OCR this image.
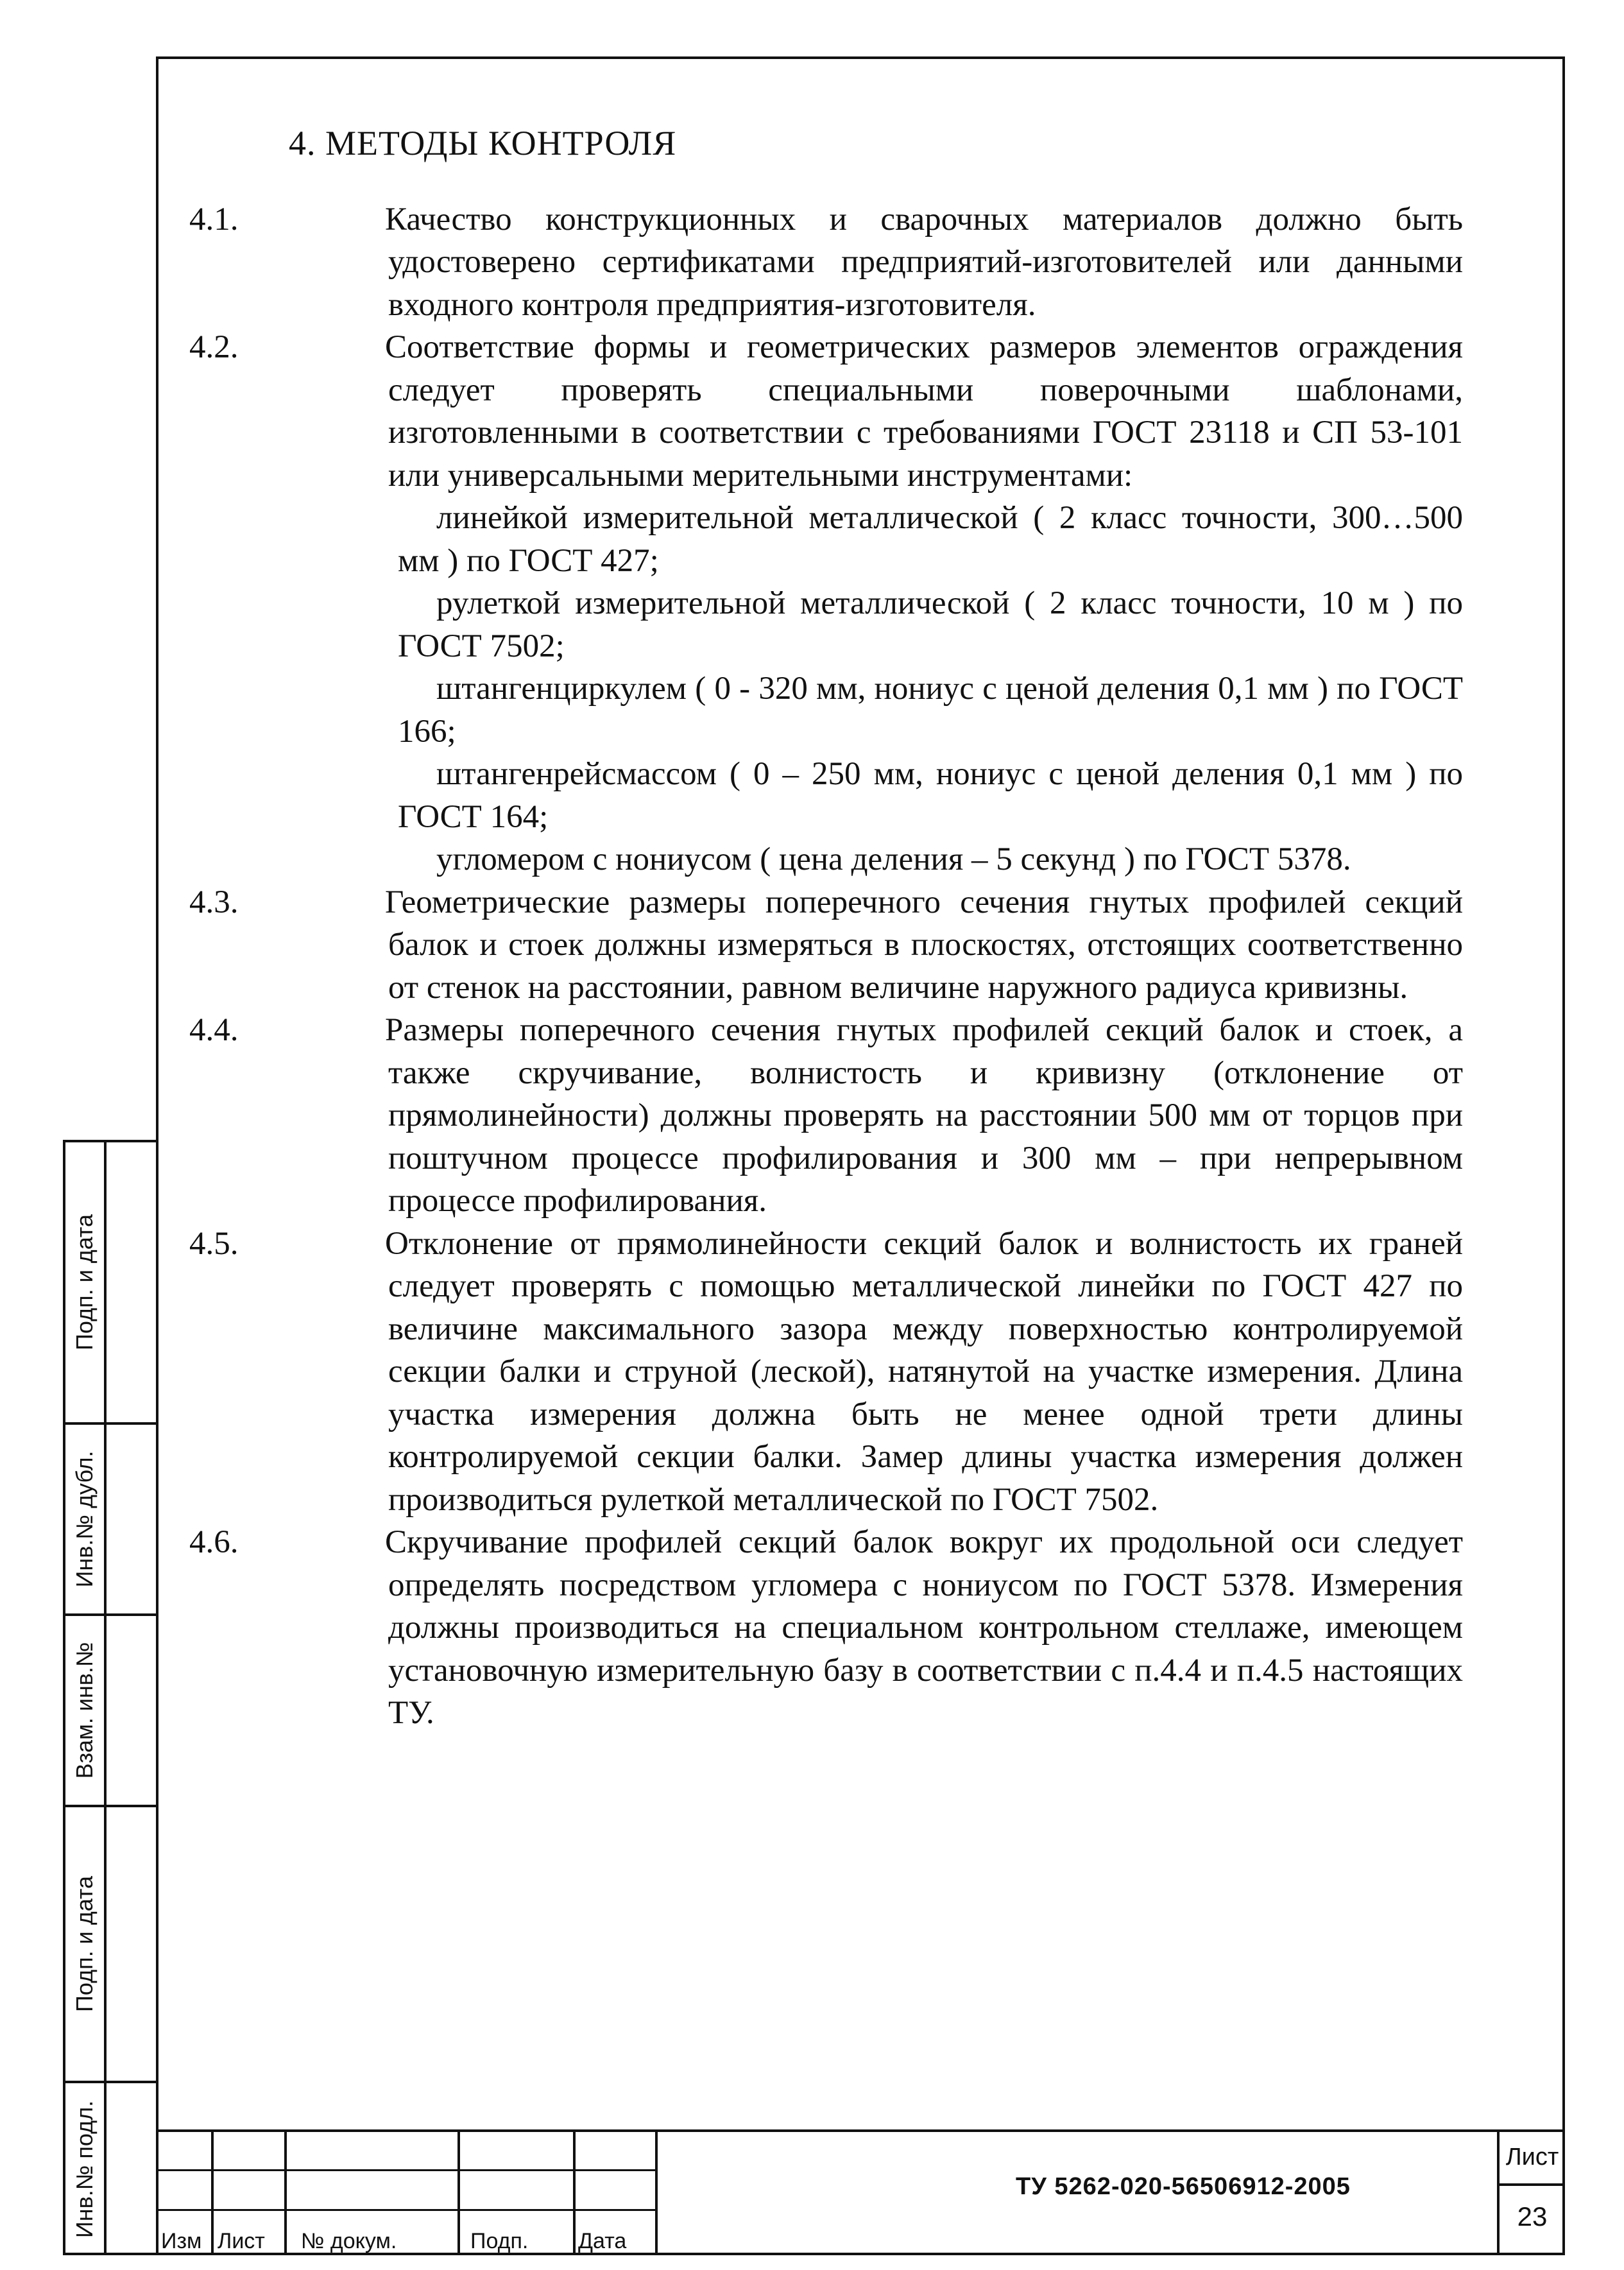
Подп. и дата
Инв.№ дубл.
Взам. инв.№
Подп. и дата
Инв.№ подл.
4. МЕТОДЫ КОНТРОЛЯ

4.1.	Качество конструкционных и сварочных материалов должно быть удостоверено сертификатами предприятий-изготовителей или данными входного контроля предприятия-изготовителя.

4.2.	Соответствие формы и геометрических размеров элементов ограждения следует проверять специальными поверочными шаблонами, изготовленными в соответствии с требованиями ГОСТ 23118 и СП 53-101 или универсальными мерительными инструментами:

линейкой измерительной металлической ( 2 класс точности, 300…500 мм ) по ГОСТ 427;

рулеткой измерительной металлической ( 2 класс точности, 10 м ) по ГОСТ 7502;

штангенциркулем ( 0 - 320 мм, нониус с ценой деления 0,1 мм ) по ГОСТ 166;

штангенрейсмассом ( 0 – 250 мм, нониус с ценой деления 0,1 мм ) по ГОСТ 164;

угломером с нониусом ( цена деления – 5 секунд ) по ГОСТ 5378.

4.3.	Геометрические размеры поперечного сечения гнутых профилей секций балок и стоек должны измеряться в плоскостях, отстоящих соответственно от стенок на расстоянии, равном величине наружного радиуса кривизны.

4.4.	Размеры поперечного сечения гнутых профилей секций балок и стоек, а также скручивание, волнистость и кривизну (отклонение от прямолинейности) должны проверять на расстоянии 500 мм от торцов при поштучном процессе профилирования и 300 мм – при непрерывном процессе профилирования.

4.5.	Отклонение от прямолинейности секций балок и волнистость их граней следует проверять с помощью металлической линейки по ГОСТ 427 по величине максимального зазора между поверхностью контролируемой секции балки и струной (леской), натянутой на участке измерения. Длина участка измерения должна быть не менее одной трети длины контролируемой секции балки. Замер длины участка измерения должен производиться рулеткой металлической по ГОСТ 7502.

4.6.	Скручивание профилей секций балок вокруг их продольной оси следует определять посредством угломера с нониусом по ГОСТ 5378. Измерения должны производиться на специальном контрольном стеллаже, имеющем установочную измерительную базу в соответствии с п.4.4 и п.4.5 настоящих ТУ.

Изм Лист № докум.	Подп. Дата
ТУ 5262-020-56506912-2005
Лист
23
